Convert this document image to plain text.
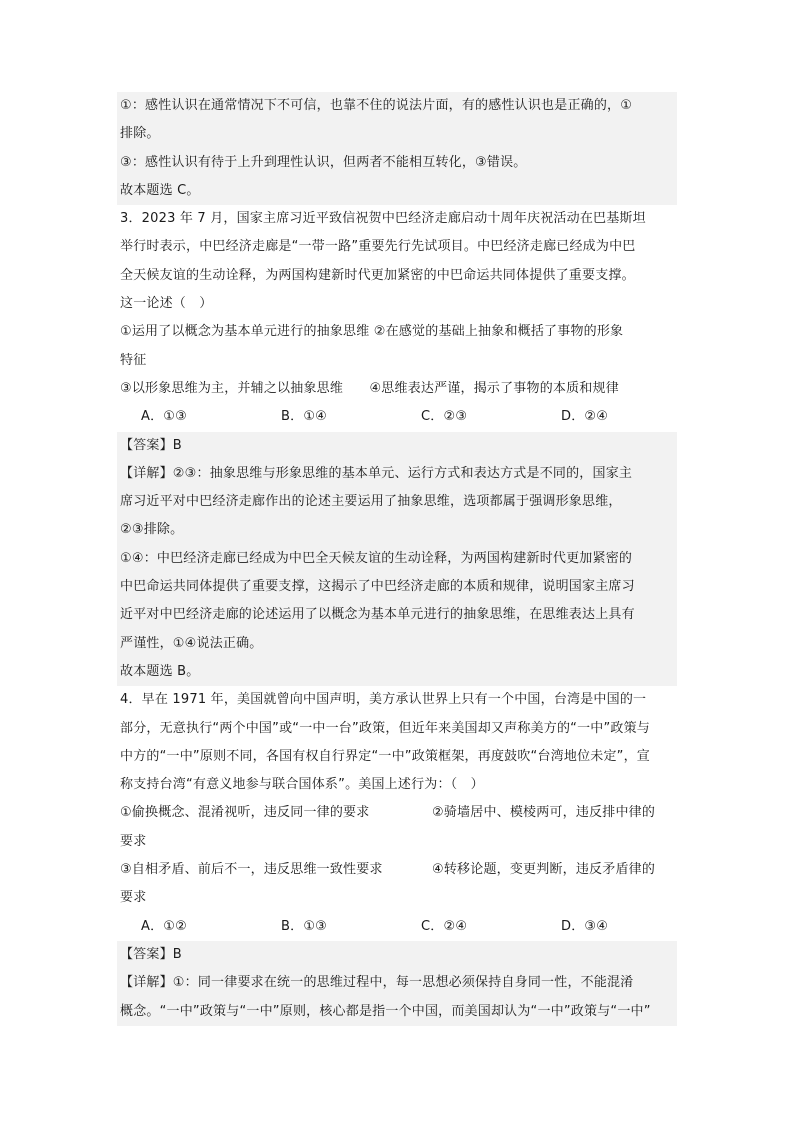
①：感性认识在通常情况下不可信，也靠不住的说法片面，有的感性认识也是正确的，①
排除。
③：感性认识有待于上升到理性认识，但两者不能相互转化，③错误。
故本题选 C。
3．2023 年 7 月，国家主席习近平致信祝贺中巴经济走廊启动十周年庆祝活动在巴基斯坦
举行时表示，中巴经济走廊是“一带一路”重要先行先试项目。中巴经济走廊已经成为中巴
全天候友谊的生动诠释，为两国构建新时代更加紧密的中巴命运共同体提供了重要支撑。
这一论述（　）
①运用了以概念为基本单元进行的抽象思维 ②在感觉的基础上抽象和概括了事物的形象
特征
③以形象思维为主，并辅之以抽象思维　　④思维表达严谨，揭示了事物的本质和规律
A．①③	B．①④	C．②③	D．②④
【答案】B
【详解】②③：抽象思维与形象思维的基本单元、运行方式和表达方式是不同的，国家主
席习近平对中巴经济走廊作出的论述主要运用了抽象思维，选项都属于强调形象思维，
②③排除。
①④：中巴经济走廊已经成为中巴全天候友谊的生动诠释，为两国构建新时代更加紧密的
中巴命运共同体提供了重要支撑，这揭示了中巴经济走廊的本质和规律，说明国家主席习
近平对中巴经济走廊的论述运用了以概念为基本单元进行的抽象思维，在思维表达上具有
严谨性，①④说法正确。
故本题选 B。
4．早在 1971 年，美国就曾向中国声明，美方承认世界上只有一个中国，台湾是中国的一
部分，无意执行“两个中国”或“一中一台”政策，但近年来美国却又声称美方的“一中”政策与
中方的“一中”原则不同，各国有权自行界定“一中”政策框架，再度鼓吹“台湾地位未定”，宣
称支持台湾“有意义地参与联合国体系”。美国上述行为：（　）
①偷换概念、混淆视听，违反同一律的要求	②骑墙居中、模棱两可，违反排中律的
要求
③自相矛盾、前后不一，违反思维一致性要求	④转移论题，变更判断，违反矛盾律的
要求
A．①②	B．①③	C．②④	D．③④
【答案】B
【详解】①：同一律要求在统一的思维过程中，每一思想必须保持自身同一性，不能混淆
概念。“一中”政策与“一中”原则，核心都是指一个中国，而美国却认为“一中”政策与“一中”
